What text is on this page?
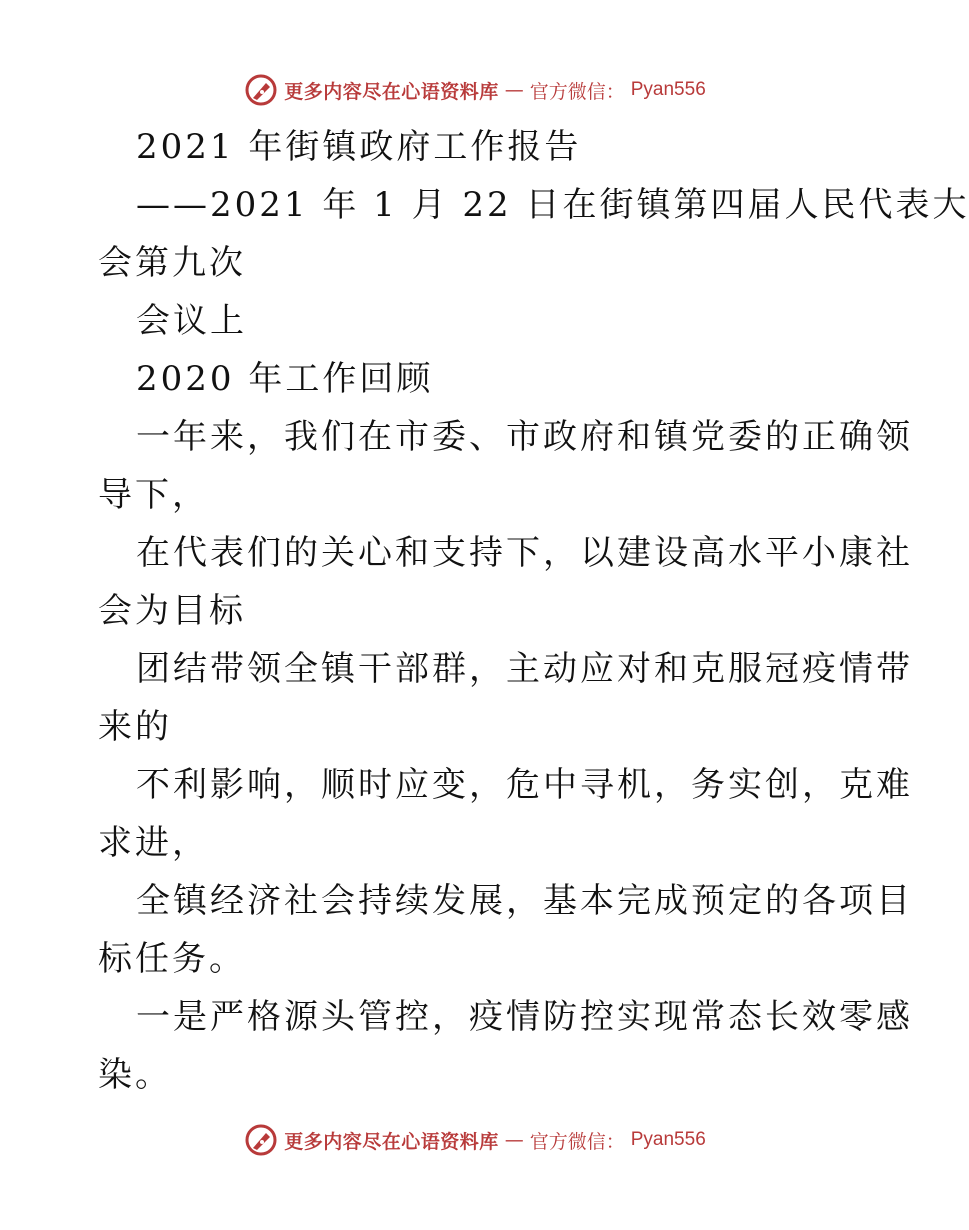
更多内容尽在心语资料库 — 官方微信： Pyan556
2021 年街镇政府工作报告
——2021 年 1 月 22 日在街镇第四届人民代表大
会第九次
会议上
2020 年工作回顾
一年来，我们在市委、市政府和镇党委的正确领
导下，
在代表们的关心和支持下，以建设高水平小康社
会为目标
团结带领全镇干部群，主动应对和克服冠疫情带
来的
不利影响，顺时应变，危中寻机，务实创，克难
求进，
全镇经济社会持续发展，基本完成预定的各项目
标任务。
一是严格源头管控，疫情防控实现常态长效零感
染。
更多内容尽在心语资料库 — 官方微信： Pyan556
